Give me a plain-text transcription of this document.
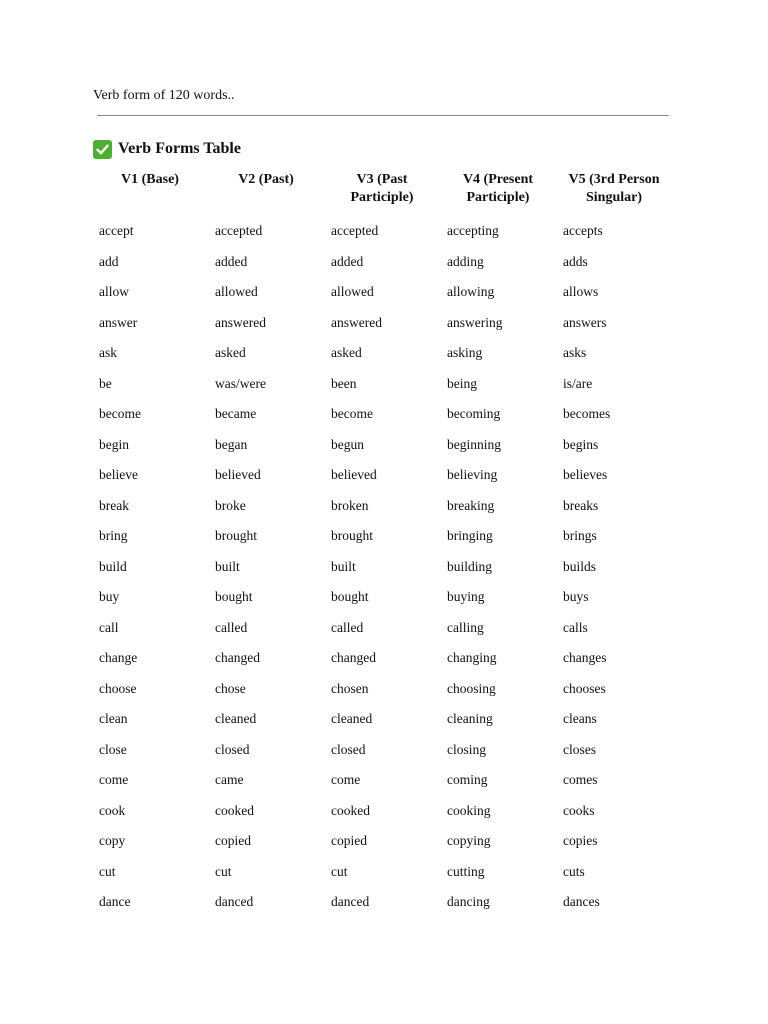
Verb form of 120 words..
Verb Forms Table
V1 (Base)	V2 (Past)	V3 (Past Participle)	V4 (Present Participle)	V5 (3rd Person Singular)
accept	accepted	accepted	accepting	accepts
add	added	added	adding	adds
allow	allowed	allowed	allowing	allows
answer	answered	answered	answering	answers
ask	asked	asked	asking	asks
be	was/were	been	being	is/are
become	became	become	becoming	becomes
begin	began	begun	beginning	begins
believe	believed	believed	believing	believes
break	broke	broken	breaking	breaks
bring	brought	brought	bringing	brings
build	built	built	building	builds
buy	bought	bought	buying	buys
call	called	called	calling	calls
change	changed	changed	changing	changes
choose	chose	chosen	choosing	chooses
clean	cleaned	cleaned	cleaning	cleans
close	closed	closed	closing	closes
come	came	come	coming	comes
cook	cooked	cooked	cooking	cooks
copy	copied	copied	copying	copies
cut	cut	cut	cutting	cuts
dance	danced	danced	dancing	dances
